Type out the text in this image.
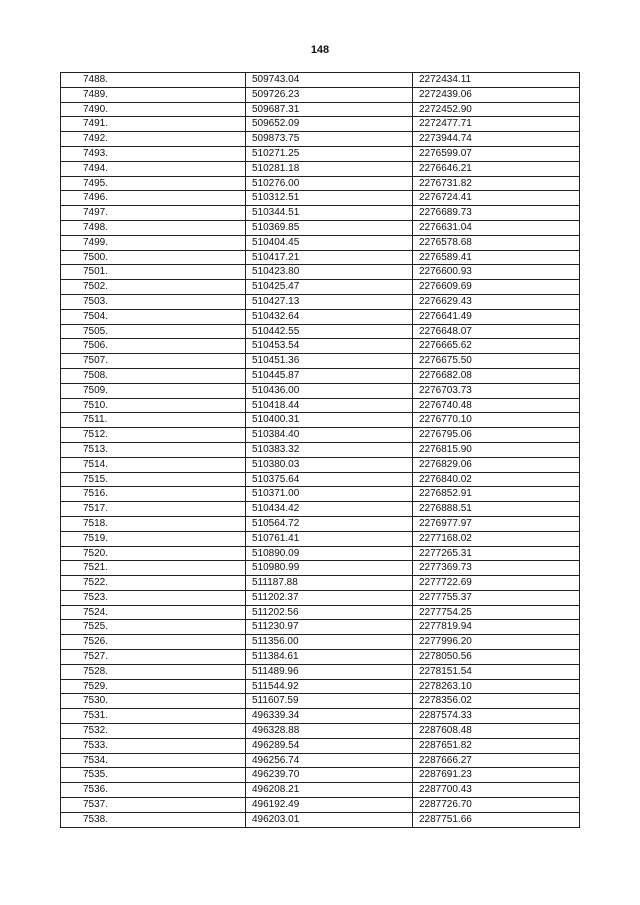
148
7488.	509743.04	2272434.11
7489.	509726.23	2272439.06
7490.	509687.31	2272452.90
7491.	509652.09	2272477.71
7492.	509873.75	2273944.74
7493.	510271.25	2276599.07
7494.	510281.18	2276646.21
7495.	510276.00	2276731.82
7496.	510312.51	2276724.41
7497.	510344.51	2276689.73
7498.	510369.85	2276631.04
7499.	510404.45	2276578.68
7500.	510417.21	2276589.41
7501.	510423.80	2276600.93
7502.	510425.47	2276609.69
7503.	510427.13	2276629.43
7504.	510432.64	2276641.49
7505.	510442.55	2276648.07
7506.	510453.54	2276665.62
7507.	510451.36	2276675.50
7508.	510445.87	2276682.08
7509.	510436.00	2276703.73
7510.	510418.44	2276740.48
7511.	510400.31	2276770.10
7512.	510384.40	2276795.06
7513.	510383.32	2276815.90
7514.	510380.03	2276829.06
7515.	510375.64	2276840.02
7516.	510371.00	2276852.91
7517.	510434.42	2276888.51
7518.	510564.72	2276977.97
7519.	510761.41	2277168.02
7520.	510890.09	2277265.31
7521.	510980.99	2277369.73
7522.	511187.88	2277722.69
7523.	511202.37	2277755.37
7524.	511202.56	2277754.25
7525.	511230.97	2277819.94
7526.	511356.00	2277996.20
7527.	511384.61	2278050.56
7528.	511489.96	2278151.54
7529.	511544.92	2278263.10
7530.	511607.59	2278356.02
7531.	496339.34	2287574.33
7532.	496328.88	2287608.48
7533.	496289.54	2287651.82
7534.	496256.74	2287666.27
7535.	496239.70	2287691.23
7536.	496208.21	2287700.43
7537.	496192.49	2287726.70
7538.	496203.01	2287751.66
